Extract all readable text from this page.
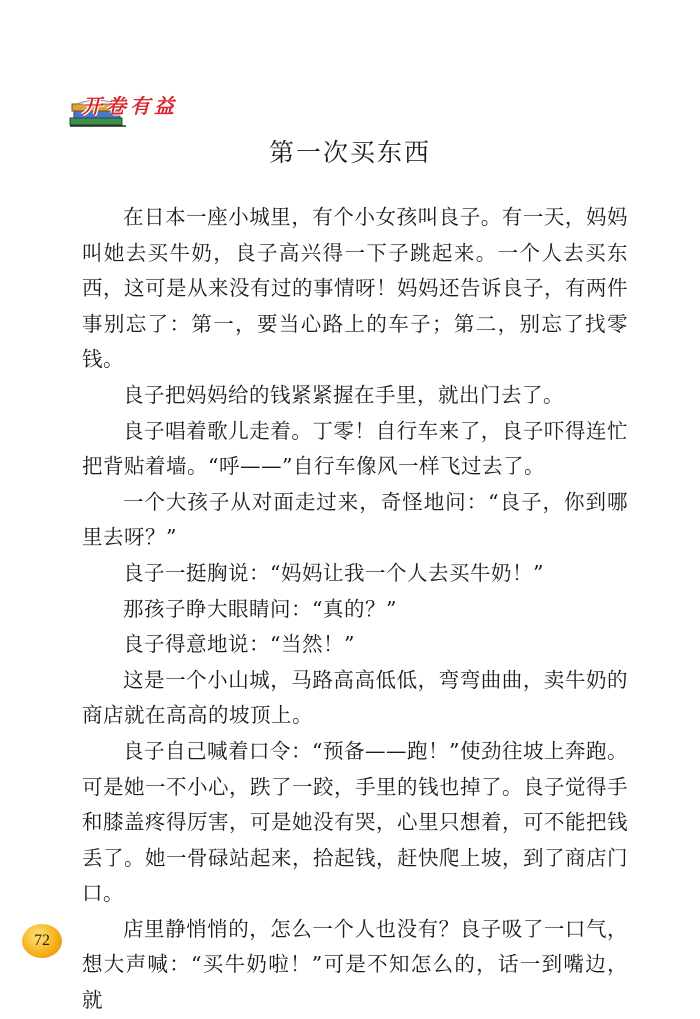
开卷有益
第一次买东西

在日本一座小城里，有个小女孩叫良子。有一天，妈妈叫她去买牛奶，良子高兴得一下子跳起来。一个人去买东西，这可是从来没有过的事情呀！妈妈还告诉良子，有两件事别忘了：第一，要当心路上的车子；第二，别忘了找零钱。

良子把妈妈给的钱紧紧握在手里，就出门去了。

良子唱着歌儿走着。丁零！自行车来了，良子吓得连忙把背贴着墙。“呼——”自行车像风一样飞过去了。

一个大孩子从对面走过来，奇怪地问：“良子，你到哪里去呀？”

良子一挺胸说：“妈妈让我一个人去买牛奶！”

那孩子睁大眼睛问：“真的？”

良子得意地说：“当然！”

这是一个小山城，马路高高低低，弯弯曲曲，卖牛奶的商店就在高高的坡顶上。

良子自己喊着口令：“预备——跑！”使劲往坡上奔跑。可是她一不小心，跌了一跤，手里的钱也掉了。良子觉得手和膝盖疼得厉害，可是她没有哭，心里只想着，可不能把钱丢了。她一骨碌站起来，拾起钱，赶快爬上坡，到了商店门口。

店里静悄悄的，怎么一个人也没有？良子吸了一口气，想大声喊：“买牛奶啦！”可是不知怎么的，话一到嘴边，就

72
